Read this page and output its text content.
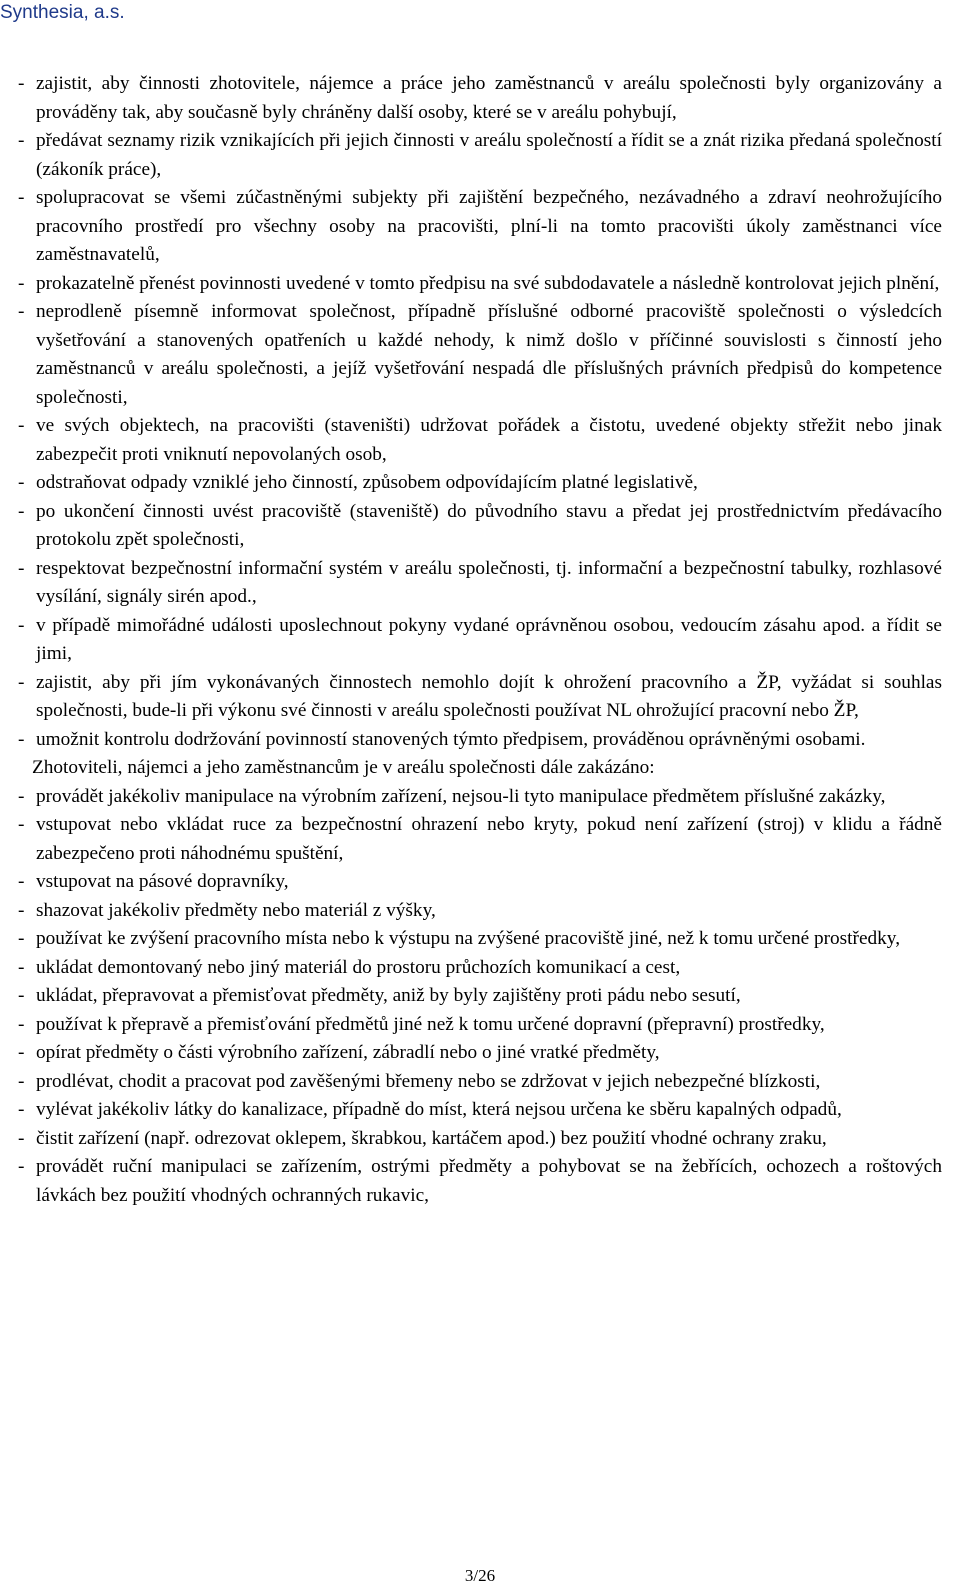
Synthesia, a.s.
- zajistit, aby činnosti zhotovitele, nájemce a práce jeho zaměstnanců v areálu společnosti byly organizovány a prováděny tak, aby současně byly chráněny další osoby, které se v areálu pohybují,
- předávat seznamy rizik vznikajících při jejich činnosti v areálu společností a řídit se a znát rizika předaná společností (zákoník práce),
- spolupracovat se všemi zúčastněnými subjekty při zajištění bezpečného, nezávadného a zdraví neohrožujícího pracovního prostředí pro všechny osoby na pracovišti, plní-li na tomto pracovišti úkoly zaměstnanci více zaměstnavatelů,
- prokazatelně přenést povinnosti uvedené v tomto předpisu na své subdodavatele a následně kontrolovat jejich plnění,
- neprodleně písemně informovat společnost, případně příslušné odborné pracoviště společnosti o výsledcích vyšetřování a stanovených opatřeních u každé nehody, k nimž došlo v příčinné souvislosti s činností jeho zaměstnanců v areálu společnosti, a jejíž vyšetřování nespadá dle příslušných právních předpisů do kompetence společnosti,
- ve svých objektech, na pracovišti (staveništi) udržovat pořádek a čistotu, uvedené objekty střežit nebo jinak zabezpečit proti vniknutí nepovolaných osob,
- odstraňovat odpady vzniklé jeho činností, způsobem odpovídajícím platné legislativě,
- po ukončení činnosti uvést pracoviště (staveniště) do původního stavu a předat jej prostřednictvím předávacího protokolu zpět společnosti,
- respektovat bezpečnostní informační systém v areálu společnosti, tj. informační a bezpečnostní tabulky, rozhlasové vysílání, signály sirén apod.,
- v případě mimořádné události uposlechnout pokyny vydané oprávněnou osobou, vedoucím zásahu apod. a řídit se jimi,
- zajistit, aby při jím vykonávaných činnostech nemohlo dojít k ohrožení pracovního a ŽP, vyžádat si souhlas společnosti, bude-li při výkonu své činnosti v areálu společnosti používat NL ohrožující pracovní nebo ŽP,
- umožnit kontrolu dodržování povinností stanovených týmto předpisem, prováděnou oprávněnými osobami.
Zhotoviteli, nájemci a jeho zaměstnancům je v areálu společnosti dále zakázáno:
- provádět jakékoliv manipulace na výrobním zařízení, nejsou-li tyto manipulace předmětem příslušné zakázky,
- vstupovat nebo vkládat ruce za bezpečnostní ohrazení nebo kryty, pokud není zařízení (stroj) v klidu a řádně zabezpečeno proti náhodnému spuštění,
- vstupovat na pásové dopravníky,
- shazovat jakékoliv předměty nebo materiál z výšky,
- používat ke zvýšení pracovního místa nebo k výstupu na zvýšené pracoviště jiné, než k tomu určené prostředky,
- ukládat demontovaný nebo jiný materiál do prostoru průchozích komunikací a cest,
- ukládat, přepravovat a přemisťovat předměty, aniž by byly zajištěny proti pádu nebo sesutí,
- používat k přepravě a přemisťování předmětů jiné než k tomu určené dopravní (přepravní) prostředky,
- opírat předměty o části výrobního zařízení, zábradlí nebo o jiné vratké předměty,
- prodlévat, chodit a pracovat pod zavěšenými břemeny nebo se zdržovat v jejich nebezpečné blízkosti,
- vylévat jakékoliv látky do kanalizace, případně do míst, která nejsou určena ke sběru kapalných odpadů,
- čistit zařízení (např. odrezovat oklepem, škrabkou, kartáčem apod.) bez použití vhodné ochrany zraku,
- provádět ruční manipulaci se zařízením, ostrými předměty a pohybovat se na žebřících, ochozech a roštových lávkách bez použití vhodných ochranných rukavic,
3/26
